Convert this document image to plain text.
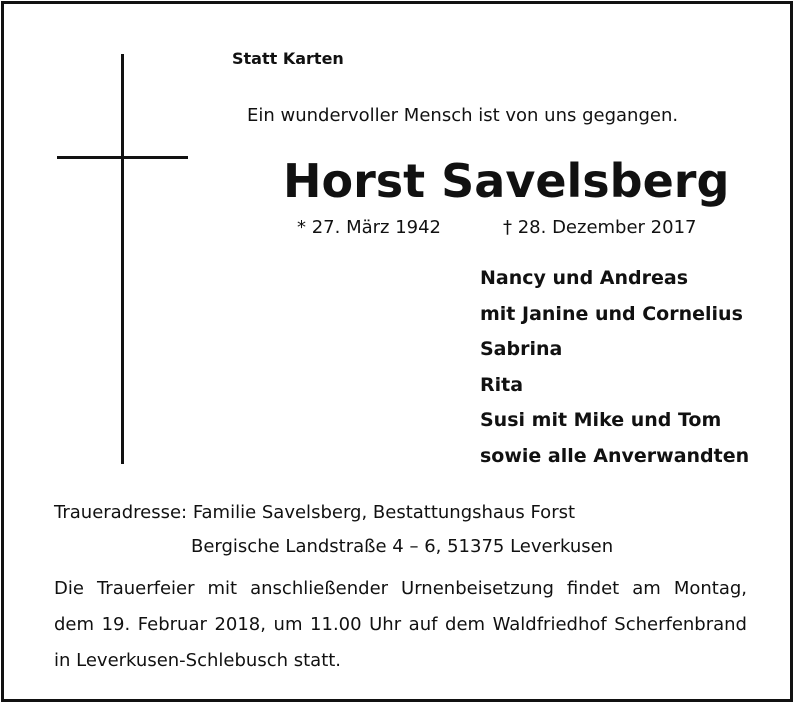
Statt Karten
Ein wundervoller Mensch ist von uns gegangen.
Horst Savelsberg
* 27. März 1942	† 28. Dezember 2017
Nancy und Andreas
mit Janine und Cornelius
Sabrina
Rita
Susi mit Mike und Tom
sowie alle Anverwandten
Traueradresse: Familie Savelsberg, Bestattungshaus Forst
Bergische Landstraße 4 – 6, 51375 Leverkusen

Die Trauerfeier mit anschließender Urnenbeisetzung findet am Montag,
dem 19. Februar 2018, um 11.00 Uhr auf dem Waldfriedhof Scherfenbrand
in Leverkusen-Schlebusch statt.
